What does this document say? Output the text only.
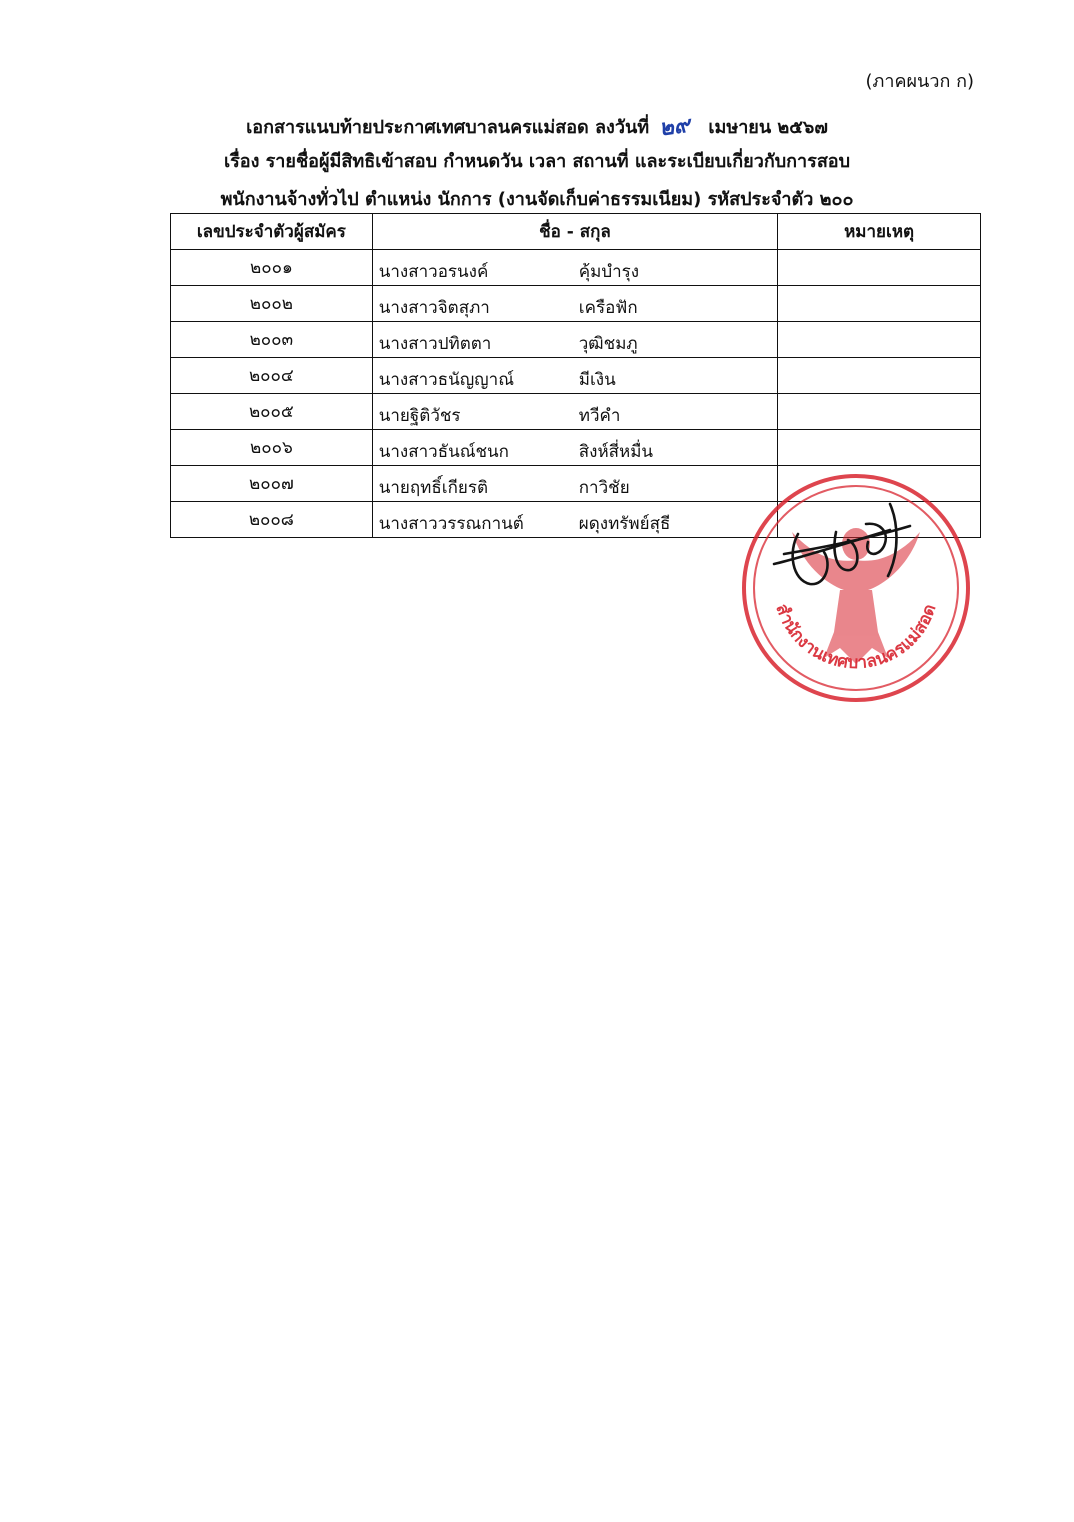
(ภาคผนวก ก)
เอกสารแนบท้ายประกาศเทศบาลนครแม่สอด ลงวันที่ ๒๙ เมษายน ๒๕๖๗
เรื่อง รายชื่อผู้มีสิทธิเข้าสอบ กำหนดวัน เวลา สถานที่ และระเบียบเกี่ยวกับการสอบ
พนักงานจ้างทั่วไป ตำแหน่ง นักการ (งานจัดเก็บค่าธรรมเนียม) รหัสประจำตัว ๒๐๐
เลขประจำตัวผู้สมัคร	ชื่อ - สกุล	หมายเหตุ
๒๐๐๑	นางสาวอรนงค์ คุ้มบำรุง	

๒๐๐๒	นางสาวจิตสุภา เครือฟัก	

๒๐๐๓	นางสาวปทิตตา วุฒิชมภู	

๒๐๐๔	นางสาวธนัญญาณ์ มีเงิน	

๒๐๐๕	นายฐิติวัชร ทวีคำ	

๒๐๐๖	นางสาวธันณ์ชนก สิงห์สี่หมื่น	

๒๐๐๗	นายฤทธิ์เกียรติ กาวิชัย	

๒๐๐๘	นางสาววรรณกานต์ ผดุงทรัพย์สุธี	

สำนักงานเทศบาลนครแม่สอด
